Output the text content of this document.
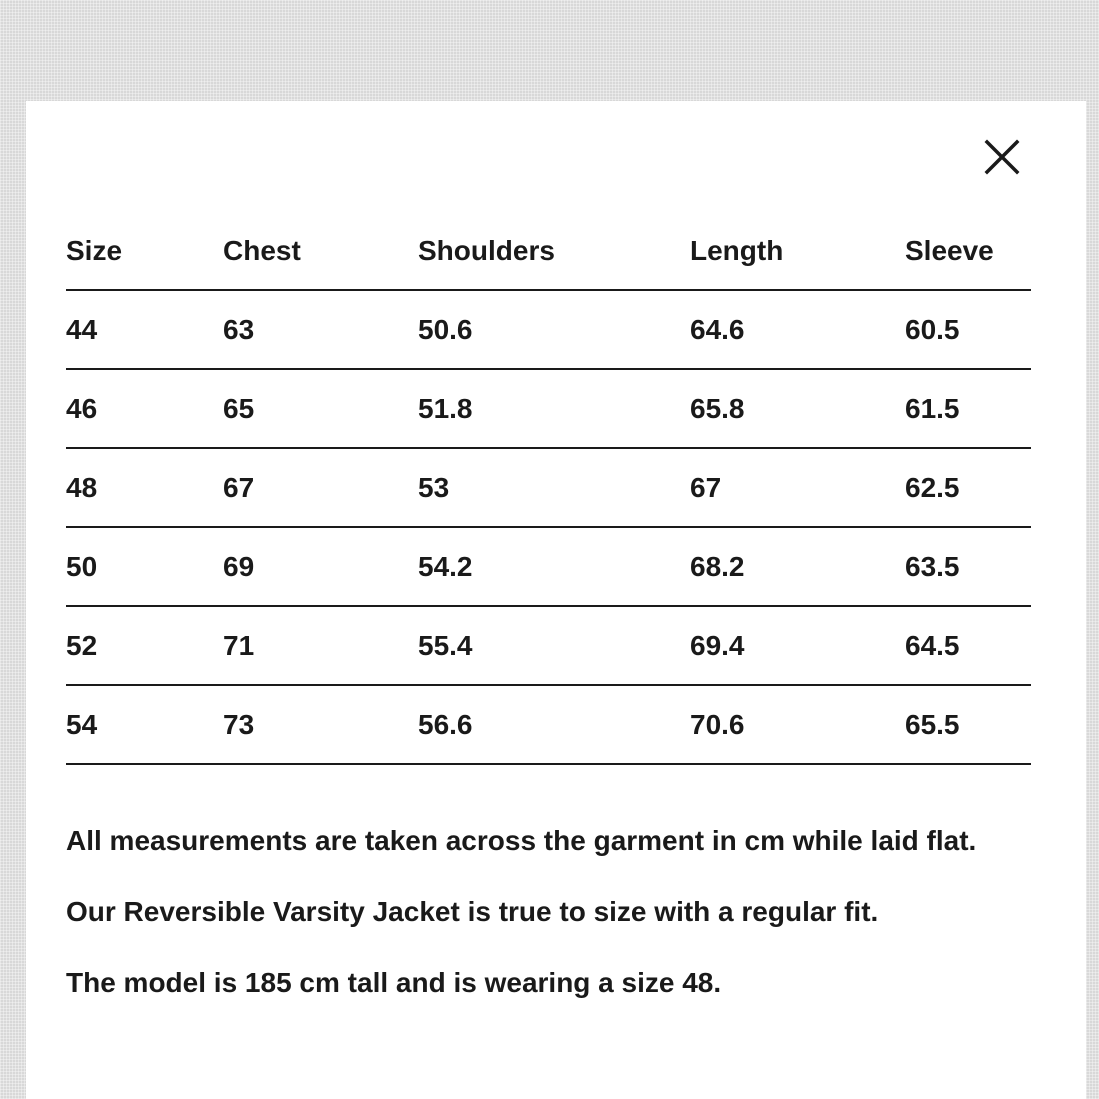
Size	Chest	Shoulders	Length	Sleeve
44	63	50.6	64.6	60.5
46	65	51.8	65.8	61.5
48	67	53	67	62.5
50	69	54.2	68.2	63.5
52	71	55.4	69.4	64.5
54	73	56.6	70.6	65.5

All measurements are taken across the garment in cm while laid flat.

Our Reversible Varsity Jacket is true to size with a regular fit.

The model is 185 cm tall and is wearing a size 48.
